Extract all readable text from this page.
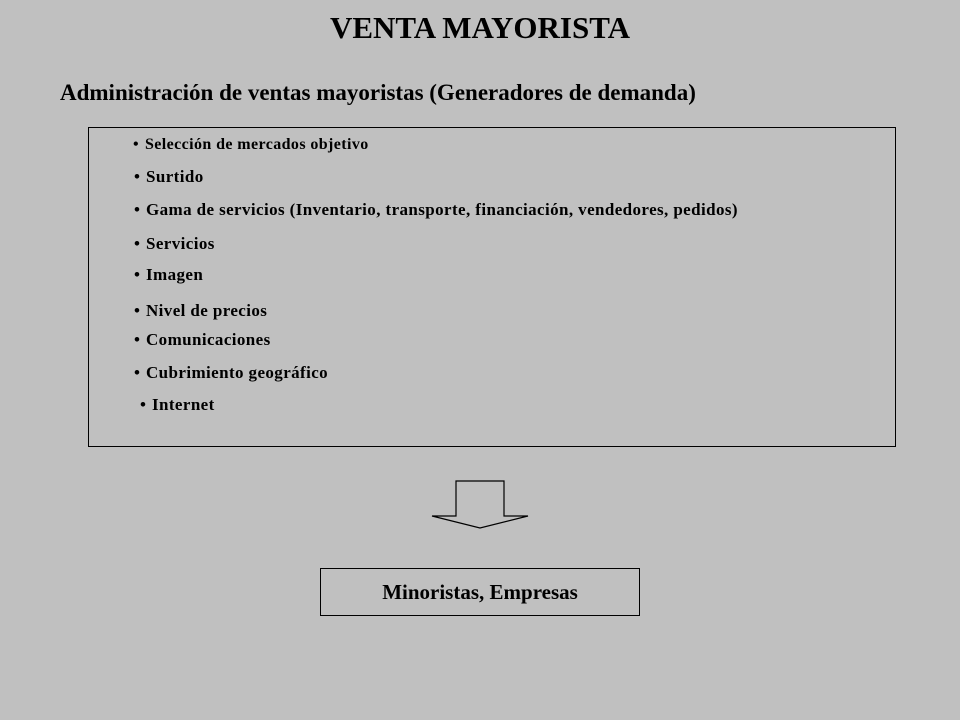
VENTA MAYORISTA
Administración de ventas mayoristas (Generadores de demanda)
• Selección de mercados objetivo
• Surtido
• Gama de servicios (Inventario, transporte, financiación, vendedores, pedidos)
• Servicios
• Imagen
• Nivel de precios
• Comunicaciones
• Cubrimiento geográfico
• Internet
Minoristas, Empresas
